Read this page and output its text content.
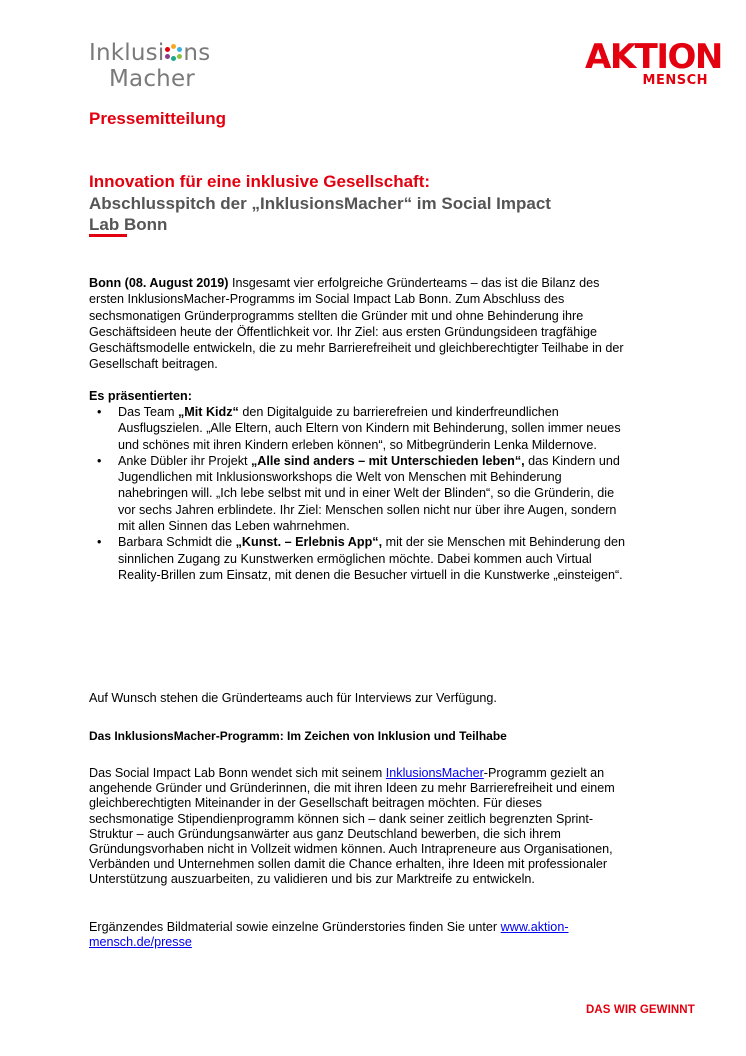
Inklusi ns
Macher
AKTION
MENSCH
Pressemitteilung
Innovation für eine inklusive Gesellschaft:
Abschlusspitch der „InklusionsMacher“ im Social Impact
Lab Bonn
Bonn (08. August 2019) Insgesamt vier erfolgreiche Gründerteams – das ist die Bilanz des ersten InklusionsMacher-Programms im Social Impact Lab Bonn. Zum Abschluss des sechsmonatigen Gründerprogramms stellten die Gründer mit und ohne Behinderung ihre Geschäftsideen heute der Öffentlichkeit vor. Ihr Ziel: aus ersten Gründungsideen tragfähige Geschäftsmodelle entwickeln, die zu mehr Barrierefreiheit und gleichberechtigter Teilhabe in der Gesellschaft beitragen.
Es präsentierten:
• Das Team „Mit Kidz“ den Digitalguide zu barrierefreien und kinderfreundlichen Ausflugszielen. „Alle Eltern, auch Eltern von Kindern mit Behinderung, sollen immer neues und schönes mit ihren Kindern erleben können“, so Mitbegründerin Lenka Mildernove.
• Anke Dübler ihr Projekt „Alle sind anders – mit Unterschieden leben“, das Kindern und Jugendlichen mit Inklusionsworkshops die Welt von Menschen mit Behinderung nahebringen will. „Ich lebe selbst mit und in einer Welt der Blinden“, so die Gründerin, die vor sechs Jahren erblindete. Ihr Ziel: Menschen sollen nicht nur über ihre Augen, sondern mit allen Sinnen das Leben wahrnehmen.
• Barbara Schmidt die „Kunst. – Erlebnis App“, mit der sie Menschen mit Behinderung den sinnlichen Zugang zu Kunstwerken ermöglichen möchte. Dabei kommen auch Virtual Reality-Brillen zum Einsatz, mit denen die Besucher virtuell in die Kunstwerke „einsteigen“.
Auf Wunsch stehen die Gründerteams auch für Interviews zur Verfügung.
Das InklusionsMacher-Programm: Im Zeichen von Inklusion und Teilhabe
Das Social Impact Lab Bonn wendet sich mit seinem InklusionsMacher-Programm gezielt an angehende Gründer und Gründerinnen, die mit ihren Ideen zu mehr Barrierefreiheit und einem gleichberechtigten Miteinander in der Gesellschaft beitragen möchten. Für dieses sechsmonatige Stipendienprogramm können sich – dank seiner zeitlich begrenzten Sprint-Struktur – auch Gründungsanwärter aus ganz Deutschland bewerben, die sich ihrem Gründungsvorhaben nicht in Vollzeit widmen können. Auch Intrapreneure aus Organisationen, Verbänden und Unternehmen sollen damit die Chance erhalten, ihre Ideen mit professionaler Unterstützung auszuarbeiten, zu validieren und bis zur Marktreife zu entwickeln.
Ergänzendes Bildmaterial sowie einzelne Gründerstories finden Sie unter www.aktion-mensch.de/presse
DAS WIR GEWINNT
